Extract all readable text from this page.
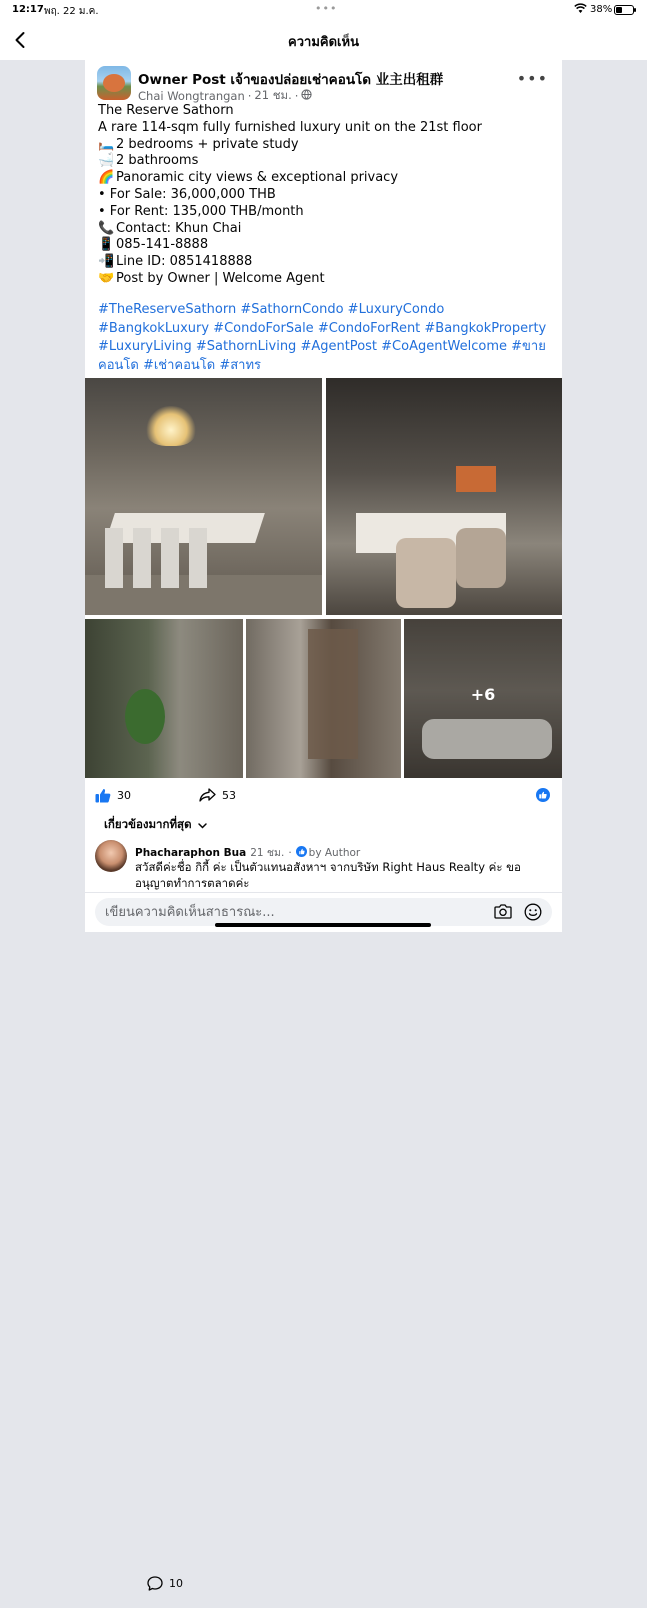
12:17 พฤ. 22 ม.ค.	•••	38%
ความคิดเห็น
Owner Post เจ้าของปล่อยเช่าคอนโด 业主出租群
Chai Wongtrangan · 21 ชม. ·
•••
The Reserve Sathorn
A rare 114-sqm fully furnished luxury unit on the 21st floor
🛏️ 2 bedrooms + private study
🛁 2 bathrooms
🌈 Panoramic city views & exceptional privacy
• For Sale: 36,000,000 THB
• For Rent: 135,000 THB/month
📞 Contact: Khun Chai
📱 085-141-8888
📲 Line ID: 0851418888
🤝 Post by Owner | Welcome Agent
#TheReserveSathorn #SathornCondo #LuxuryCondo #BangkokLuxury #CondoForSale #CondoForRent #BangkokProperty #LuxuryLiving #SathornLiving #AgentPost #CoAgentWelcome #ขายคอนโด #เช่าคอนโด #สาทร
+6
30
10
53
เกี่ยวข้องมากที่สุด
Phacharaphon Bua 21 ชม. · by Author
สวัสดีค่ะชื่อ กิกี้ ค่ะ เป็นตัวแทนอสังหาฯ จากบริษัท Right Haus Realty ค่ะ ขออนุญาตทำการตลาดค่ะ
เขียนความคิดเห็นสาธารณะ...
